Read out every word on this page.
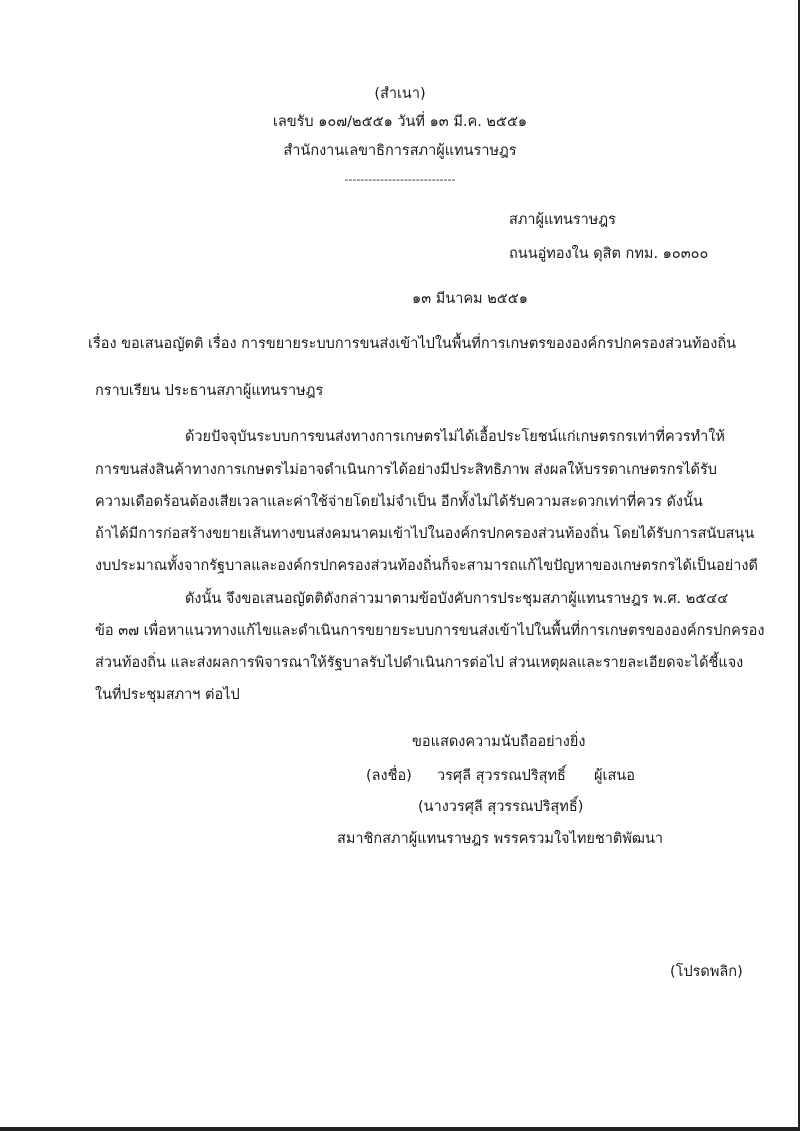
(สำเนา)
เลขรับ ๑๐๗/๒๕๕๑ วันที่ ๑๓ มี.ค. ๒๕๕๑
สำนักงานเลขาธิการสภาผู้แทนราษฎร
----------------------------
สภาผู้แทนราษฎร
ถนนอู่ทองใน ดุสิต กทม. ๑๐๓๐๐
๑๓ มีนาคม ๒๕๕๑
เรื่อง ขอเสนอญัตติ เรื่อง การขยายระบบการขนส่งเข้าไปในพื้นที่การเกษตรขององค์กรปกครองส่วนท้องถิ่น
กราบเรียน ประธานสภาผู้แทนราษฎร
ด้วยปัจจุบันระบบการขนส่งทางการเกษตรไม่ได้เอื้อประโยชน์แก่เกษตรกรเท่าที่ควรทำให้
การขนส่งสินค้าทางการเกษตรไม่อาจดำเนินการได้อย่างมีประสิทธิภาพ ส่งผลให้บรรดาเกษตรกรได้รับ
ความเดือดร้อนต้องเสียเวลาและค่าใช้จ่ายโดยไม่จำเป็น อีกทั้งไม่ได้รับความสะดวกเท่าที่ควร ดังนั้น
ถ้าได้มีการก่อสร้างขยายเส้นทางขนส่งคมนาคมเข้าไปในองค์กรปกครองส่วนท้องถิ่น โดยได้รับการสนับสนุน
งบประมาณทั้งจากรัฐบาลและองค์กรปกครองส่วนท้องถิ่นก็จะสามารถแก้ไขปัญหาของเกษตรกรได้เป็นอย่างดี
ดังนั้น จึงขอเสนอญัตติดังกล่าวมาตามข้อบังคับการประชุมสภาผู้แทนราษฎร พ.ศ. ๒๕๔๔
ข้อ ๓๗ เพื่อหาแนวทางแก้ไขและดำเนินการขยายระบบการขนส่งเข้าไปในพื้นที่การเกษตรขององค์กรปกครอง
ส่วนท้องถิ่น และส่งผลการพิจารณาให้รัฐบาลรับไปดำเนินการต่อไป ส่วนเหตุผลและรายละเอียดจะได้ชี้แจง
ในที่ประชุมสภาฯ ต่อไป
ขอแสดงความนับถืออย่างยิ่ง
(ลงชื่อ) วรศุลี สุวรรณปริสุทธิ์ ผู้เสนอ
(นางวรศุลี สุวรรณปริสุทธิ์)
สมาชิกสภาผู้แทนราษฎร พรรครวมใจไทยชาติพัฒนา
(โปรดพลิก)
